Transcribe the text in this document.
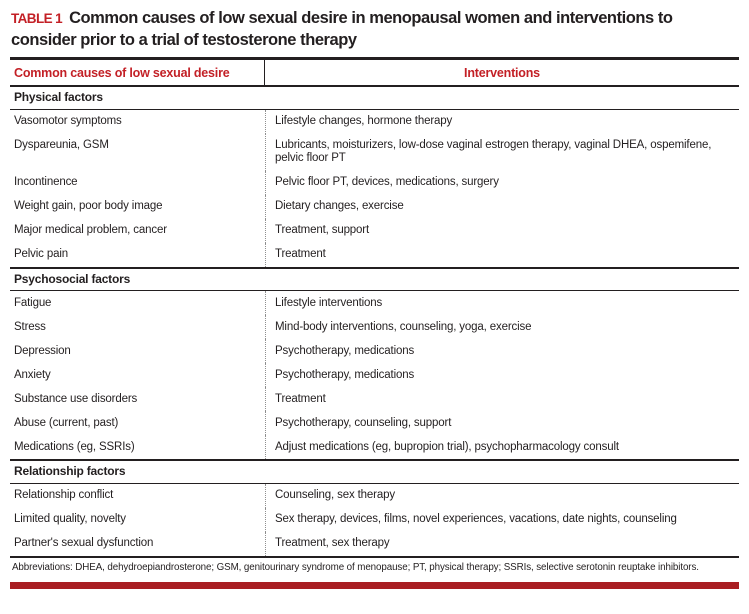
TABLE 1 Common causes of low sexual desire in menopausal women and interventions to consider prior to a trial of testosterone therapy
Common causes of low sexual desire	Interventions
Physical factors
Vasomotor symptoms	Lifestyle changes, hormone therapy
Dyspareunia, GSM	Lubricants, moisturizers, low-dose vaginal estrogen therapy, vaginal DHEA, ospemifene, pelvic floor PT
Incontinence	Pelvic floor PT, devices, medications, surgery
Weight gain, poor body image	Dietary changes, exercise
Major medical problem, cancer	Treatment, support
Pelvic pain	Treatment
Psychosocial factors
Fatigue	Lifestyle interventions
Stress	Mind-body interventions, counseling, yoga, exercise
Depression	Psychotherapy, medications
Anxiety	Psychotherapy, medications
Substance use disorders	Treatment
Abuse (current, past)	Psychotherapy, counseling, support
Medications (eg, SSRIs)	Adjust medications (eg, bupropion trial), psychopharmacology consult
Relationship factors
Relationship conflict	Counseling, sex therapy
Limited quality, novelty	Sex therapy, devices, films, novel experiences, vacations, date nights, counseling
Partner's sexual dysfunction	Treatment, sex therapy
Abbreviations: DHEA, dehydroepiandrosterone; GSM, genitourinary syndrome of menopause; PT, physical therapy; SSRIs, selective serotonin reuptake inhibitors.
